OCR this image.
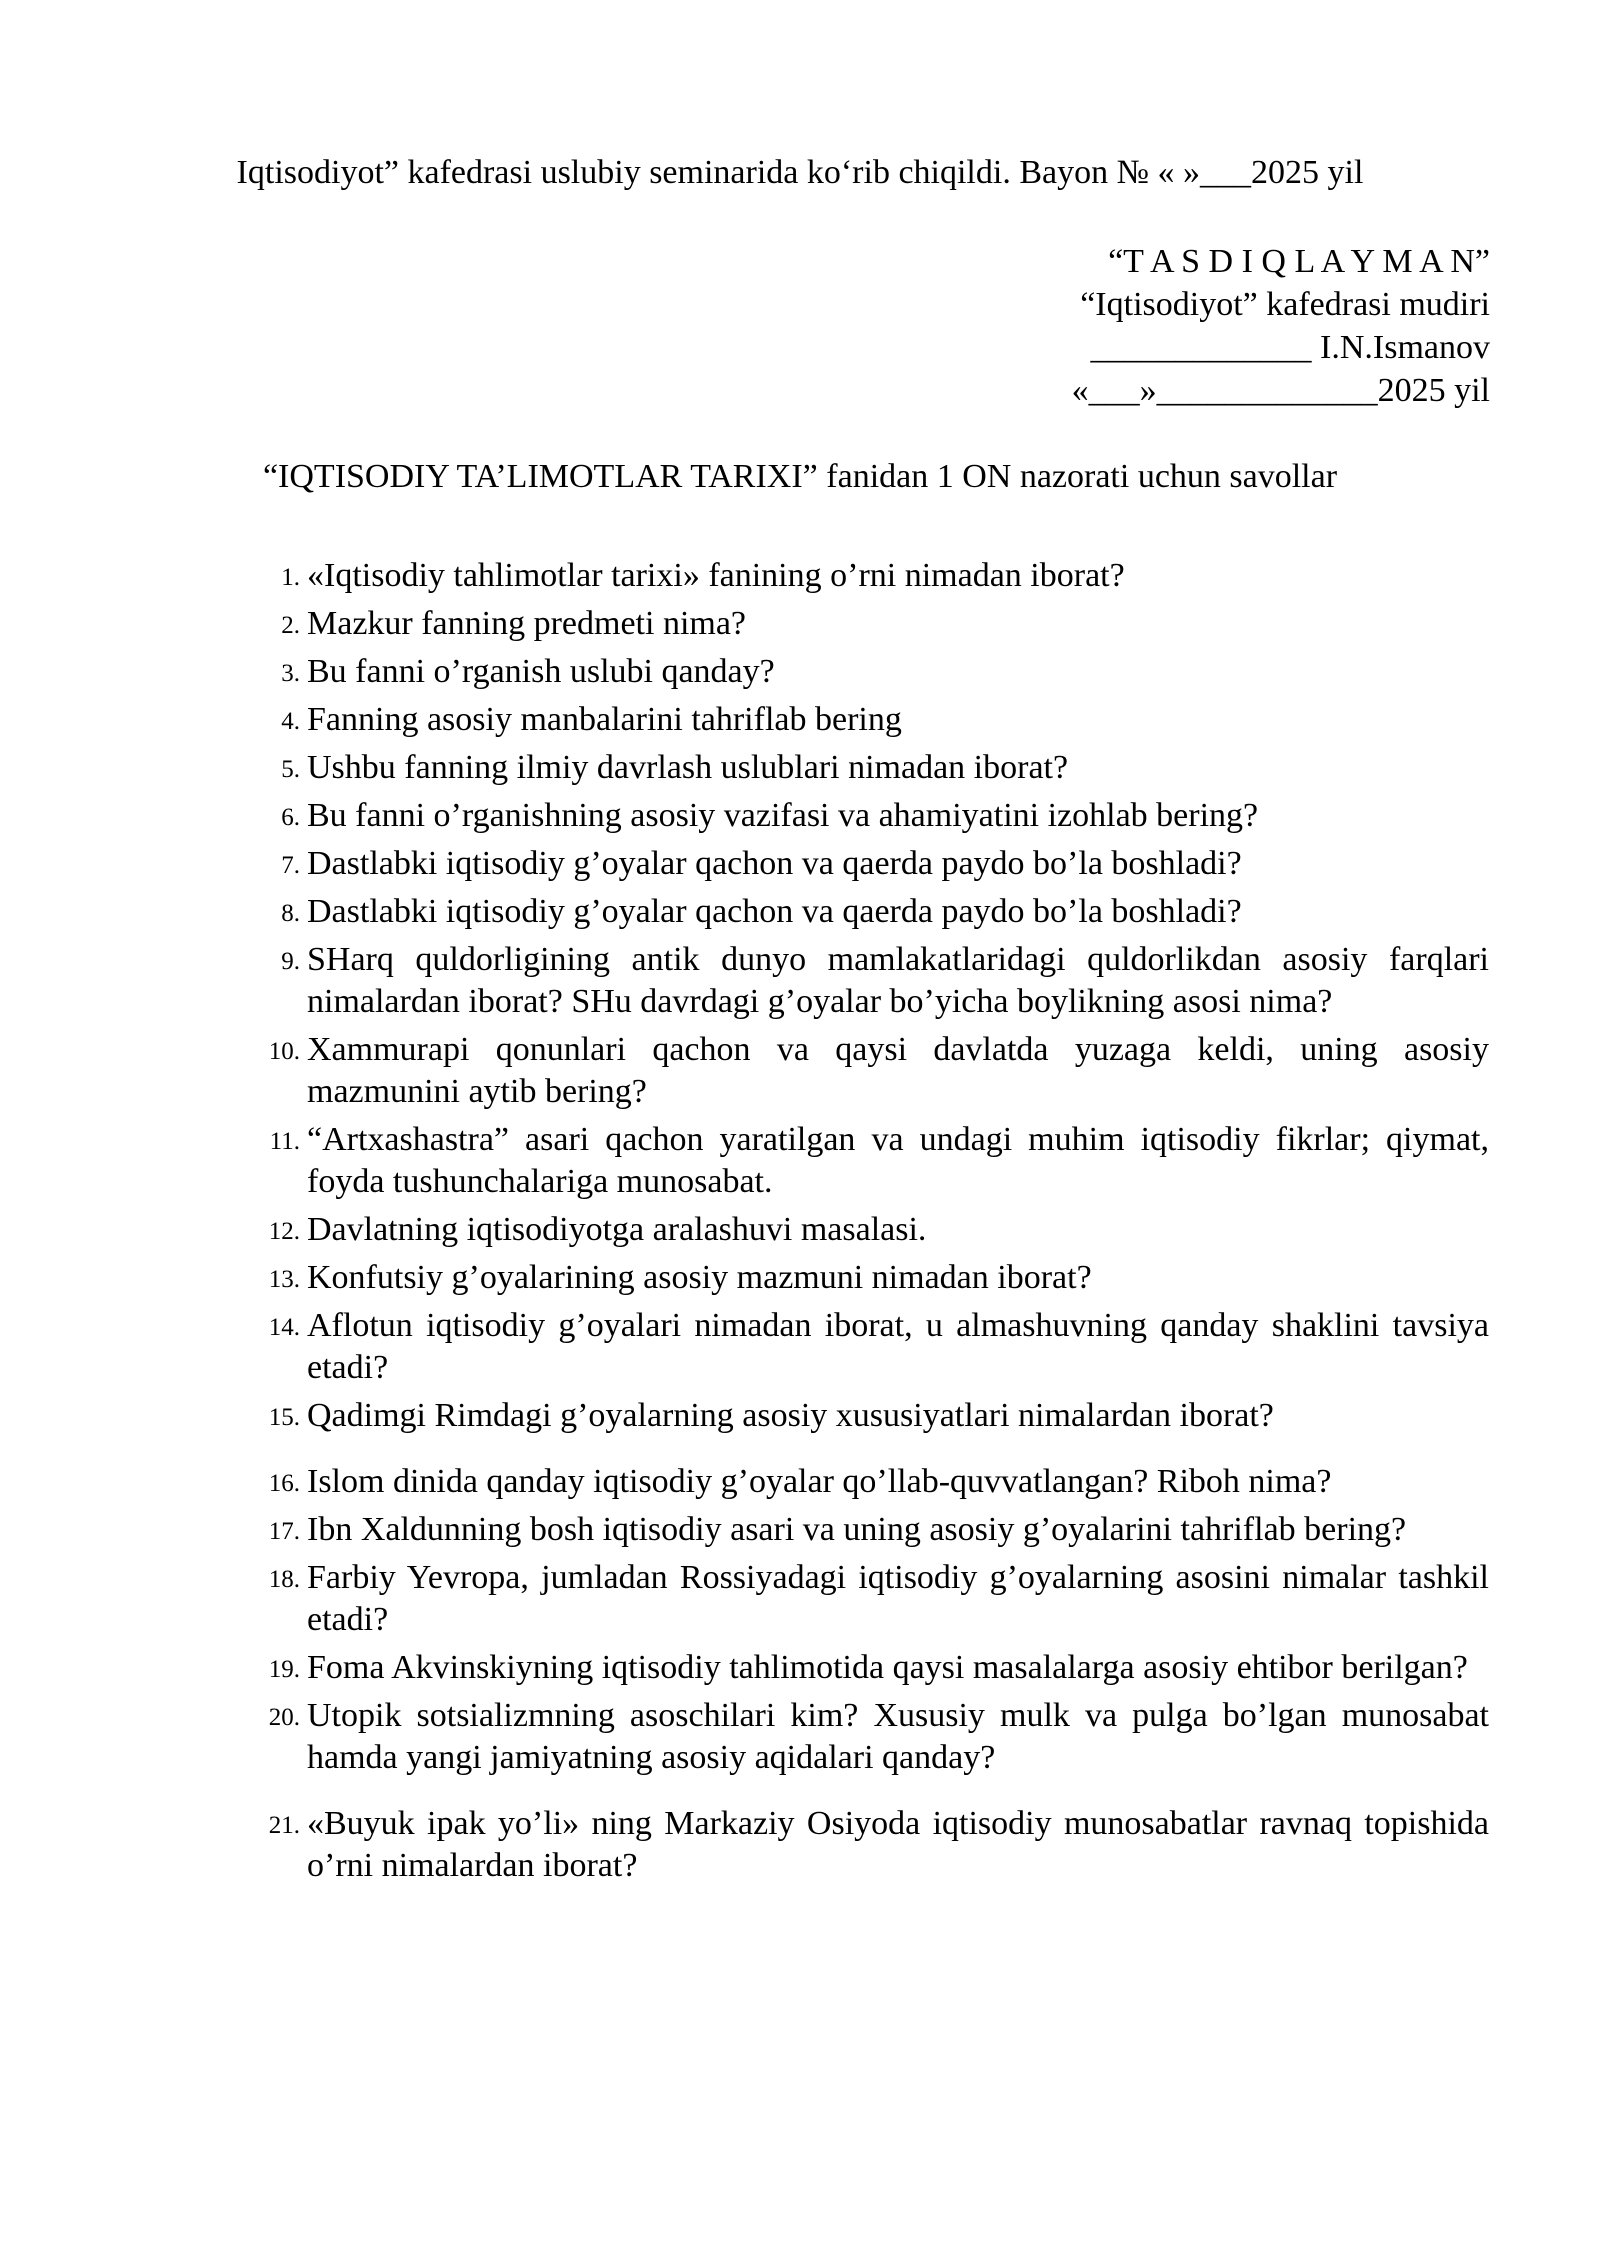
Iqtisodiyot” kafedrasi uslubiy seminarida ko‘rib chiqildi. Bayon № « »___2025 yil
“T A S D I Q L A Y M A N”
“Iqtisodiyot” kafedrasi mudiri
_____________ I.N.Ismanov
«___»_____________2025 yil
“IQTISODIY TA’LIMOTLAR TARIXI” fanidan 1 ON nazorati uchun savollar
1. «Iqtisodiy tahlimotlar tarixi» fanining o’rni nimadan iborat?
2. Mazkur fanning predmeti nima?
3. Bu fanni o’rganish uslubi qanday?
4. Fanning asosiy manbalarini tahriflab bering
5. Ushbu fanning ilmiy davrlash uslublari nimadan iborat?
6. Bu fanni o’rganishning asosiy vazifasi va ahamiyatini izohlab bering?
7. Dastlabki iqtisodiy g’oyalar qachon va qaerda paydo bo’la boshladi?
8. Dastlabki iqtisodiy g’oyalar qachon va qaerda paydo bo’la boshladi?
9. SHarq quldorligining antik dunyo mamlakatlaridagi quldorlikdan asosiy farqlari nimalardan iborat? SHu davrdagi g’oyalar bo’yicha boylikning asosi nima?
10. Xammurapi qonunlari qachon va qaysi davlatda yuzaga keldi, uning asosiy mazmunini aytib bering?
11. “Artxashastra” asari qachon yaratilgan va undagi muhim iqtisodiy fikrlar; qiymat, foyda tushunchalariga munosabat.
12. Davlatning iqtisodiyotga aralashuvi masalasi.
13. Konfutsiy g’oyalarining asosiy mazmuni nimadan iborat?
14. Aflotun iqtisodiy g’oyalari nimadan iborat, u almashuvning qanday shaklini tavsiya etadi?
15. Qadimgi Rimdagi g’oyalarning asosiy xususiyatlari nimalardan iborat?
16. Islom dinida qanday iqtisodiy g’oyalar qo’llab-quvvatlangan? Riboh nima?
17. Ibn Xaldunning bosh iqtisodiy asari va uning asosiy g’oyalarini tahriflab bering?
18. Farbiy Yevropa, jumladan Rossiyadagi iqtisodiy g’oyalarning asosini nimalar tashkil etadi?
19. Foma Akvinskiyning iqtisodiy tahlimotida qaysi masalalarga asosiy ehtibor berilgan?
20. Utopik sotsializmning asoschilari kim? Xususiy mulk va pulga bo’lgan munosabat hamda yangi jamiyatning asosiy aqidalari qanday?
21. «Buyuk ipak yo’li» ning Markaziy Osiyoda iqtisodiy munosabatlar ravnaq topishida o’rni nimalardan iborat?
